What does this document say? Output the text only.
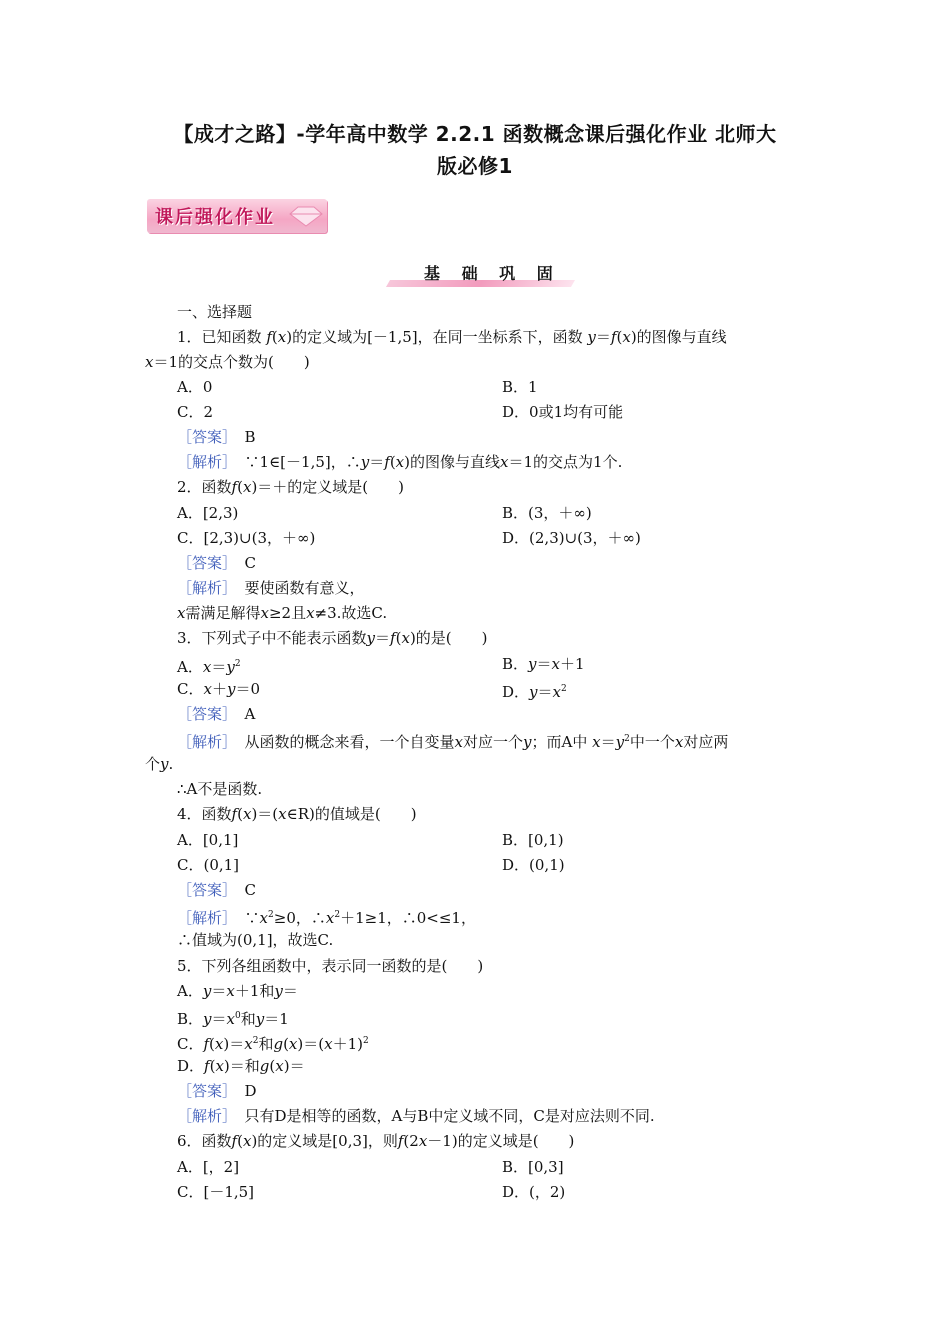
【成才之路】-学年高中数学 2.2.1 函数概念课后强化作业 北师大
版必修1
课后强化作业
基 础 巩 固
一、选择题
1．已知函数 f(x)的定义域为[－1,5]，在同一坐标系下，函数 y＝f(x)的图像与直线
x＝1的交点个数为(　　)
A．0	B．1
C．2	D．0或1均有可能
［答案］　 B
［解析］　 ∵1∈[－1,5]，∴y＝f(x)的图像与直线x＝1的交点为1个.
2．函数f(x)＝＋的定义域是(　　)
A．[2,3)	B．(3，＋∞)
C．[2,3)∪(3，＋∞)	D．(2,3)∪(3，＋∞)
［答案］　 C
［解析］　 要使函数有意义，
x需满足解得x≥2且x≠3.故选C.
3．下列式子中不能表示函数y＝f(x)的是(　　)
A．$x=y^2$	B．y＝x＋1
C．x＋y＝0	D．$y=x^2$
［答案］　 A
［解析］　 从函数的概念来看，一个自变量x对应一个y；而A中 $x=y^2$中一个x对应两
个y.
∴A不是函数.
4．函数f(x)＝(x∈R)的值域是(　　)
A．[0,1]	B．[0,1)
C．(0,1]	D．(0,1)
［答案］　 C
［解析］　 $\because x^2\ge 0$，$\therefore x^2+1\ge 1$，∴0<≤1，
∴值域为(0,1]，故选C.
5．下列各组函数中，表示同一函数的是(　　)
A．y＝x＋1和y＝
B．$y=x^0$和y＝1
C．$f(x)=x^2$和$g(x)=(x+1)^2$
D．f(x)＝和g(x)＝
［答案］　 D
［解析］　 只有D是相等的函数，A与B中定义域不同，C是对应法则不同.
6．函数f(x)的定义域是[0,3]，则f(2x－1)的定义域是(　　)
A．[，2]	B．[0,3]
C．[－1,5]	D．(，2)
